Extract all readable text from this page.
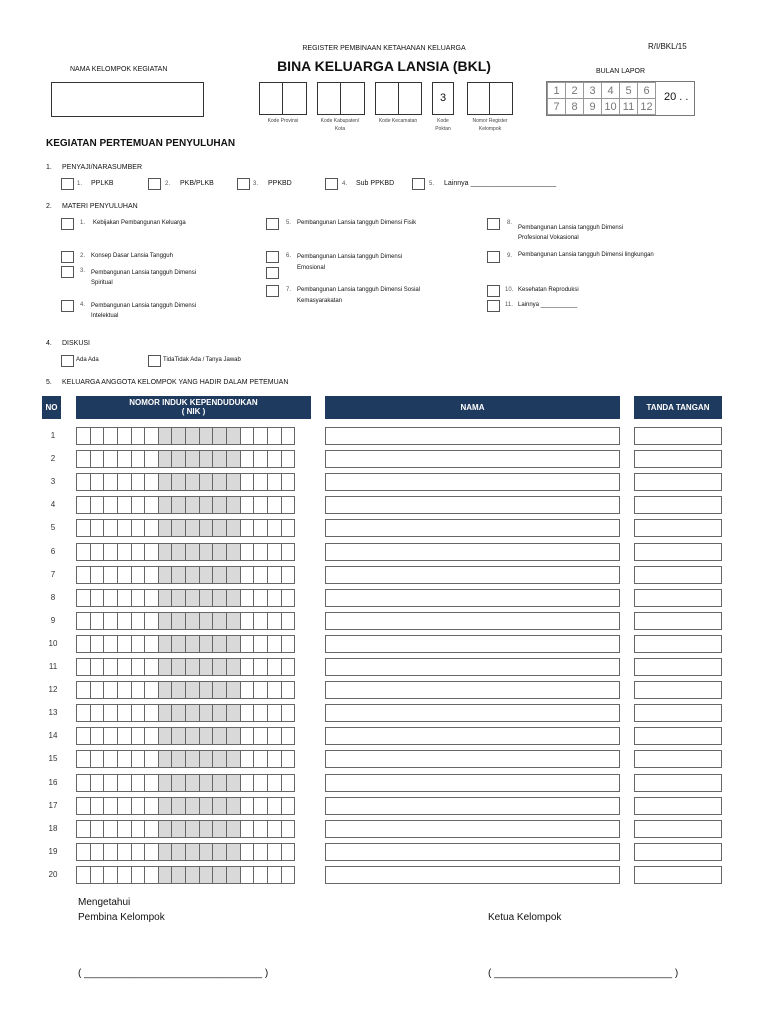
R/I/BKL/15
REGISTER PEMBINAAN KETAHANAN KELUARGA
BINA KELUARGA LANSIA (BKL)
NAMA KELOMPOK KEGIATAN
Kode Provinsi	Kode Kabupaten/
Kota
Kode Kecamatan
3
Kode
Poktan
Nomor Register
Kelompok
BULAN LAPOR
1	2	3	4	5	6
7	8	9 10 11 12
20 . .
KEGIATAN PERTEMUAN PENYULUHAN
1. PENYAJI/NARASUMBER
1. PPLKB	2. PKB/PLKB	3. PPKBD	4. Sub PPKBD	5. Lainnya ______________________
2. MATERI PENYULUHAN
1. Kebijakan Pembangunan Keluarga
2. Konsep Dasar Lansia Tangguh
3. Pembangunan Lansia tangguh Dimensi
Spiritual
4. Pembangunan Lansia tangguh Dimensi
Intelektual
5. Pembangunan Lansia tangguh Dimensi Fisik
6. Pembangunan Lansia tangguh Dimensi
Emosional
7. Pembangunan Lansia tangguh Dimensi Sosial
Kemasyarakatan
8.
Pembangunan Lansia tangguh Dimensi
Profesional Vokasional
9. Pembangunan Lansia tangguh Dimensi lingkungan
10. Kesehatan Reproduksi
11. Lainnya ___________
4. DISKUSI
Ada Ada	TidaTidak Ada / Tanya Jawab
5. KELUARGA ANGGOTA KELOMPOK YANG HADIR DALAM PETEMUAN
NO
NOMOR INDUK KEPENDUDUKAN
( NIK )	NAMA	TANDA TANGAN
1
2
3
4
5
6
7
8
9
10
11
12
13
14
15
16
17
18
19
20
Mengetahui
Pembina Kelompok	Ketua Kelompok
( ________________________________ )	( ________________________________ )
